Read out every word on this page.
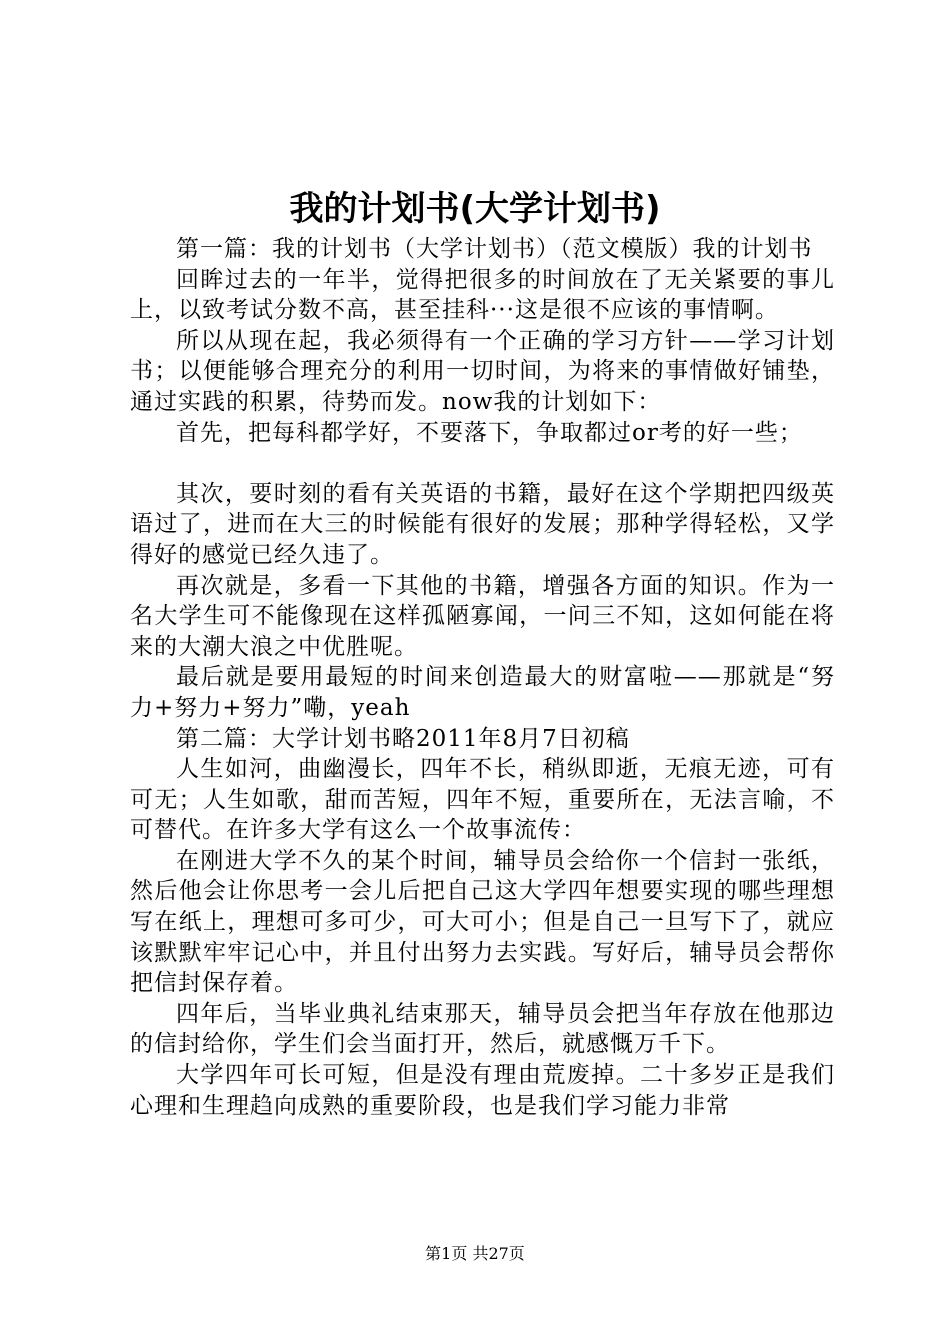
我的计划书(大学计划书)

第一篇：我的计划书（大学计划书）（范文模版）我的计划书

回眸过去的一年半，觉得把很多的时间放在了无关紧要的事儿上，以致考试分数不高，甚至挂科···这是很不应该的事情啊。

所以从现在起，我必须得有一个正确的学习方针——学习计划书；以便能够合理充分的利用一切时间，为将来的事情做好铺垫，通过实践的积累，待势而发。now我的计划如下：

首先，把每科都学好，不要落下，争取都过or考的好一些；

其次，要时刻的看有关英语的书籍，最好在这个学期把四级英语过了，进而在大三的时候能有很好的发展；那种学得轻松，又学得好的感觉已经久违了。

再次就是，多看一下其他的书籍，增强各方面的知识。作为一名大学生可不能像现在这样孤陋寡闻，一问三不知，这如何能在将来的大潮大浪之中优胜呢。

最后就是要用最短的时间来创造最大的财富啦——那就是“努力+努力+努力”嘞，yeah

第二篇：大学计划书略2011年8月7日初稿

人生如河，曲幽漫长，四年不长，稍纵即逝，无痕无迹，可有可无；人生如歌，甜而苦短，四年不短，重要所在，无法言喻，不可替代。在许多大学有这么一个故事流传：

在刚进大学不久的某个时间，辅导员会给你一个信封一张纸，然后他会让你思考一会儿后把自己这大学四年想要实现的哪些理想写在纸上，理想可多可少，可大可小；但是自己一旦写下了，就应该默默牢牢记心中，并且付出努力去实践。写好后，辅导员会帮你把信封保存着。

四年后，当毕业典礼结束那天，辅导员会把当年存放在他那边的信封给你，学生们会当面打开，然后，就感慨万千下。

大学四年可长可短，但是没有理由荒废掉。二十多岁正是我们心理和生理趋向成熟的重要阶段，也是我们学习能力非常

第1页 共27页
